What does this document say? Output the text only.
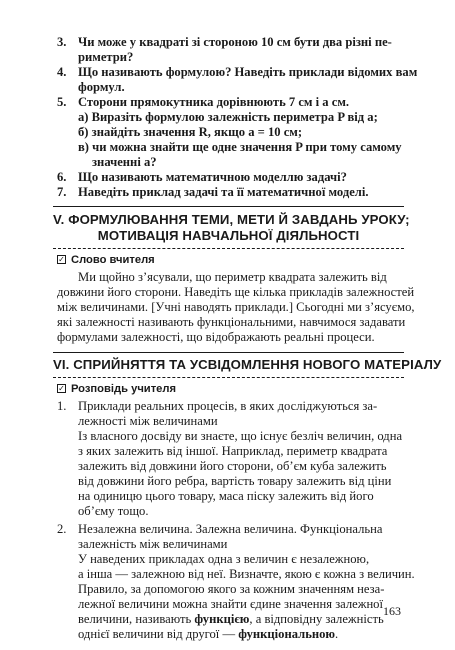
3. Чи може у квадраті зі стороною 10 см бути два різні пе-
риметри?
4. Що називають формулою? Наведіть приклади відомих вам
формул.
5. Сторони прямокутника дорівнюють 7 см і a см.
а) Виразіть формулою залежність периметра P від a;
б) знайдіть значення R, якщо a = 10 см;
в) чи можна знайти ще одне значення P при тому самому
значенні a?
6. Що називають математичною моделлю задачі?
7. Наведіть приклад задачі та її математичної моделі.
V. ФОРМУЛЮВАННЯ ТЕМИ, МЕТИ Й ЗАВДАНЬ УРОКУ;
МОТИВАЦІЯ НАВЧАЛЬНОЇ ДІЯЛЬНОСТІ
✓ Слово вчителя
Ми щойно з’ясували, що периметр квадрата залежить від
довжини його сторони. Наведіть ще кілька прикладів залежностей
між величинами. [Учні наводять приклади.] Сьогодні ми з’ясуємо,
які залежності називають функціональними, навчимося задавати
формулами залежності, що відображають реальні процеси.
VI. СПРИЙНЯТТЯ ТА УСВІДОМЛЕННЯ НОВОГО МАТЕРІАЛУ
✓ Розповідь учителя
1. Приклади реальних процесів, в яких досліджуються за-
лежності між величинами
Із власного досвіду ви знаєте, що існує безліч величин, одна
з яких залежить від іншої. Наприклад, периметр квадрата
залежить від довжини його сторони, об’єм куба залежить
від довжини його ребра, вартість товару залежить від ціни
на одиницю цього товару, маса піску залежить від його
об’єму тощо.
2. Незалежна величина. Залежна величина. Функціональна
залежність між величинами
У наведених прикладах одна з величин є незалежною,
а інша — залежною від неї. Визначте, якою є кожна з величин.
Правило, за допомогою якого за кожним значенням неза-
лежної величини можна знайти єдине значення залежної
величини, називають функцією, а відповідну залежність
однієї величини від другої — функціональною.
163
